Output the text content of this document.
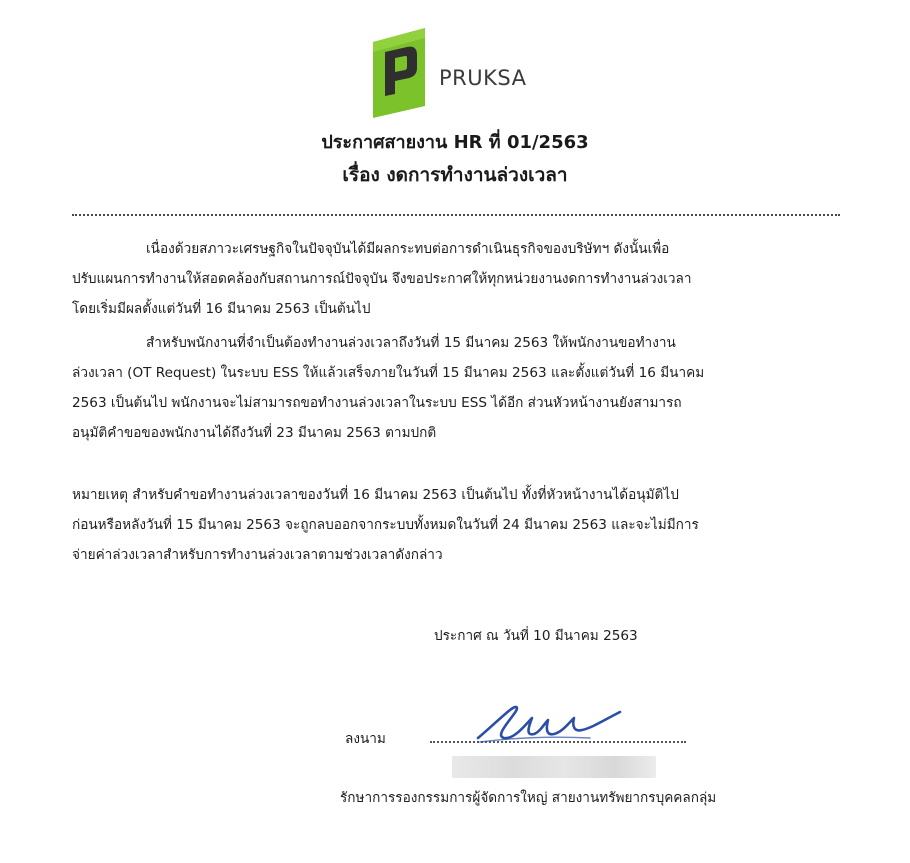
PRUKSA
ประกาศสายงาน HR ที่ 01/2563
เรื่อง งดการทำงานล่วงเวลา

เนื่องด้วยสภาวะเศรษฐกิจในปัจจุบันได้มีผลกระทบต่อการดำเนินธุรกิจของบริษัทฯ ดังนั้นเพื่อ
ปรับแผนการทำงานให้สอดคล้องกับสถานการณ์ปัจจุบัน จึงขอประกาศให้ทุกหน่วยงานงดการทำงานล่วงเวลา
โดยเริ่มมีผลตั้งแต่วันที่ 16 มีนาคม 2563 เป็นต้นไป

สำหรับพนักงานที่จำเป็นต้องทำงานล่วงเวลาถึงวันที่ 15 มีนาคม 2563 ให้พนักงานขอทำงาน
ล่วงเวลา (OT Request) ในระบบ ESS ให้แล้วเสร็จภายในวันที่ 15 มีนาคม 2563 และตั้งแต่วันที่ 16 มีนาคม
2563 เป็นต้นไป พนักงานจะไม่สามารถขอทำงานล่วงเวลาในระบบ ESS ได้อีก ส่วนหัวหน้างานยังสามารถ
อนุมัติคำขอของพนักงานได้ถึงวันที่ 23 มีนาคม 2563 ตามปกติ

หมายเหตุ สำหรับคำขอทำงานล่วงเวลาของวันที่ 16 มีนาคม 2563 เป็นต้นไป ทั้งที่หัวหน้างานได้อนุมัติไป
ก่อนหรือหลังวันที่ 15 มีนาคม 2563 จะถูกลบออกจากระบบทั้งหมดในวันที่ 24 มีนาคม 2563 และจะไม่มีการ
จ่ายค่าล่วงเวลาสำหรับการทำงานล่วงเวลาตามช่วงเวลาดังกล่าว

ประกาศ ณ วันที่ 10 มีนาคม 2563
ลงนาม
รักษาการรองกรรมการผู้จัดการใหญ่ สายงานทรัพยากรบุคคลกลุ่ม
